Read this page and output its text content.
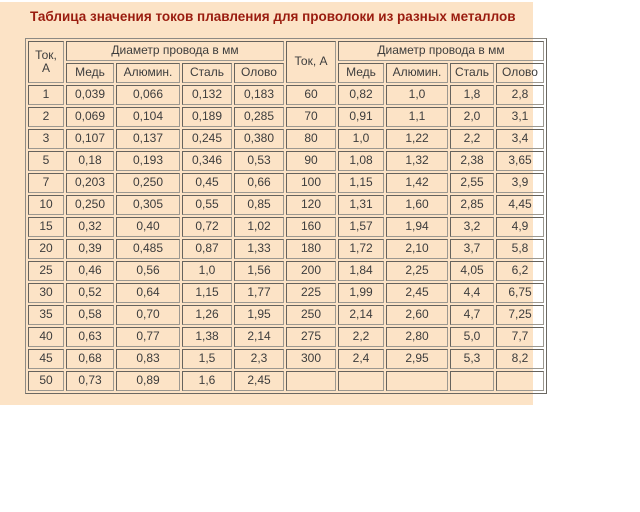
Таблица значения токов плавления для проволоки из разных металлов
Ток, А	Диаметр провода в мм				Ток, А	Диаметр провода в мм			
	Медь	Алюмин.	Сталь	Олово		Медь	Алюмин.	Сталь	Олово
1	0,039	0,066	0,132	0,183	60	0,82	1,0	1,8	2,8
2	0,069	0,104	0,189	0,285	70	0,91	1,1	2,0	3,1
3	0,107	0,137	0,245	0,380	80	1,0	1,22	2,2	3,4
5	0,18	0,193	0,346	0,53	90	1,08	1,32	2,38	3,65
7	0,203	0,250	0,45	0,66	100	1,15	1,42	2,55	3,9
10	0,250	0,305	0,55	0,85	120	1,31	1,60	2,85	4,45
15	0,32	0,40	0,72	1,02	160	1,57	1,94	3,2	4,9
20	0,39	0,485	0,87	1,33	180	1,72	2,10	3,7	5,8
25	0,46	0,56	1,0	1,56	200	1,84	2,25	4,05	6,2
30	0,52	0,64	1,15	1,77	225	1,99	2,45	4,4	6,75
35	0,58	0,70	1,26	1,95	250	2,14	2,60	4,7	7,25
40	0,63	0,77	1,38	2,14	275	2,2	2,80	5,0	7,7
45	0,68	0,83	1,5	2,3	300	2,4	2,95	5,3	8,2
50	0,73	0,89	1,6	2,45					
